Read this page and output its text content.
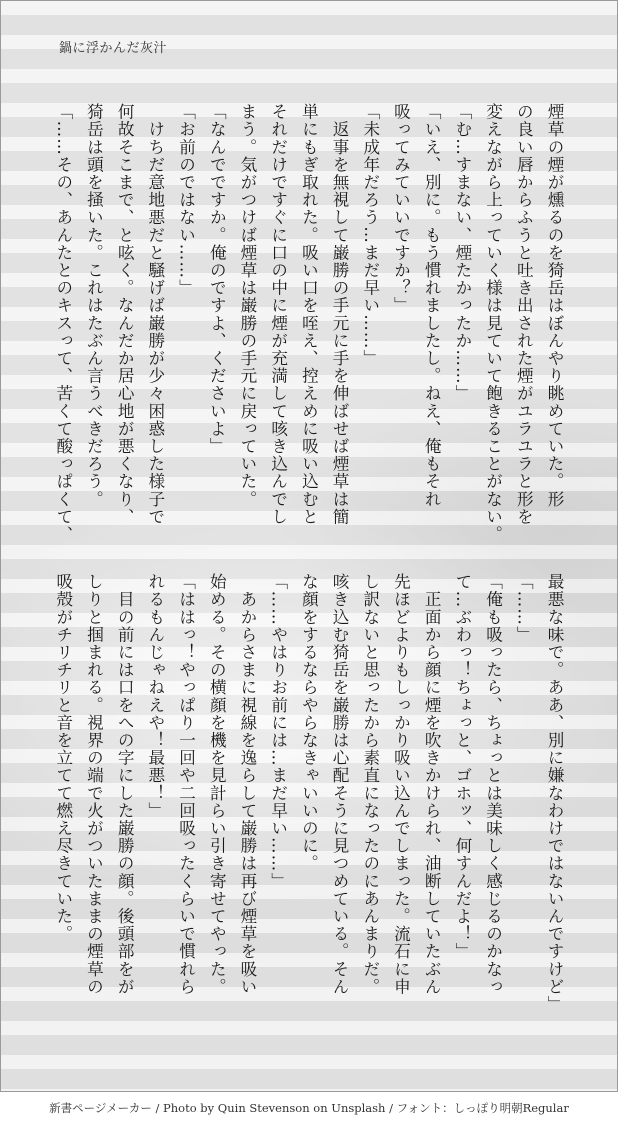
鍋に浮かんだ灰汁
煙草の煙が燻るのを猗岳はぼんやり眺めていた。形
の良い唇からふうと吐き出された煙がユラユラと形を
変えながら上っていく様は見ていて飽きることがない。
「む…すまない、煙たかったか……」
「いえ、別に。もう慣れましたし。ねえ、俺もそれ
吸ってみていいですか？」
「未成年だろう…まだ早い……」
　返事を無視して巌勝の手元に手を伸ばせば煙草は簡
単にもぎ取れた。吸い口を咥え、控えめに吸い込むと
それだけですぐに口の中に煙が充満して咳き込んでし
まう。気がつけば煙草は巌勝の手元に戻っていた。
「なんでですか。俺のですよ、くださいよ」
「お前のではない……」
　けちだ意地悪だと騒げば巌勝が少々困惑した様子で
何故そこまで、と呟く。なんだか居心地が悪くなり、
猗岳は頭を掻いた。これはたぶん言うべきだろう。
「……その、あんたとのキスって、苦くて酸っぱくて、
最悪な味で。ああ、別に嫌なわけではないんですけど」
「……」
「俺も吸ったら、ちょっとは美味しく感じるのかなっ
て…ぶわっ！ちょっと、ゴホッ、何すんだよ！」
　正面から顔に煙を吹きかけられ、油断していたぶん
先ほどよりもしっかり吸い込んでしまった。流石に申
し訳ないと思ったから素直になったのにあんまりだ。
咳き込む猗岳を巌勝は心配そうに見つめている。そん
な顔をするならやらなきゃいいのに。
「……やはりお前には…まだ早い……」
　あからさまに視線を逸らして巌勝は再び煙草を吸い
始める。その横顔を機を見計らい引き寄せてやった。
「ははっ！やっぱり一回や二回吸ったくらいで慣れら
れるもんじゃねえや！最悪！」
　目の前には口をへの字にした巌勝の顔。後頭部をが
しりと掴まれる。視界の端で火がついたままの煙草の
吸殻がチリチリと音を立てて燃え尽きていた。
新書ページメーカー / Photo by Quin Stevenson on Unsplash / フォント：しっぽり明朝Regular
